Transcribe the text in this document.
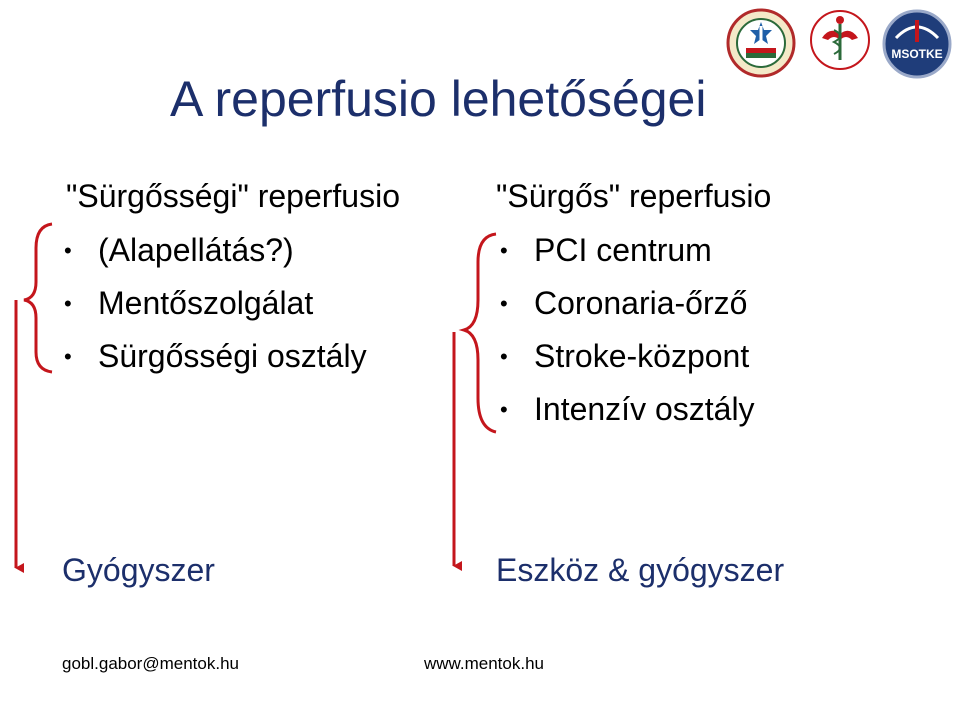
MSOTKE
A reperfusio lehetőségei
"Sürgősségi" reperfusio	"Sürgős" reperfusio
• (Alapellátás?)
• Mentőszolgálat
• Sürgősségi osztály
• PCI centrum
• Coronaria-őrző
• Stroke-központ
• Intenzív osztály
Gyógyszer	Eszköz & gyógyszer
gobl.gabor@mentok.hu	www.mentok.hu
